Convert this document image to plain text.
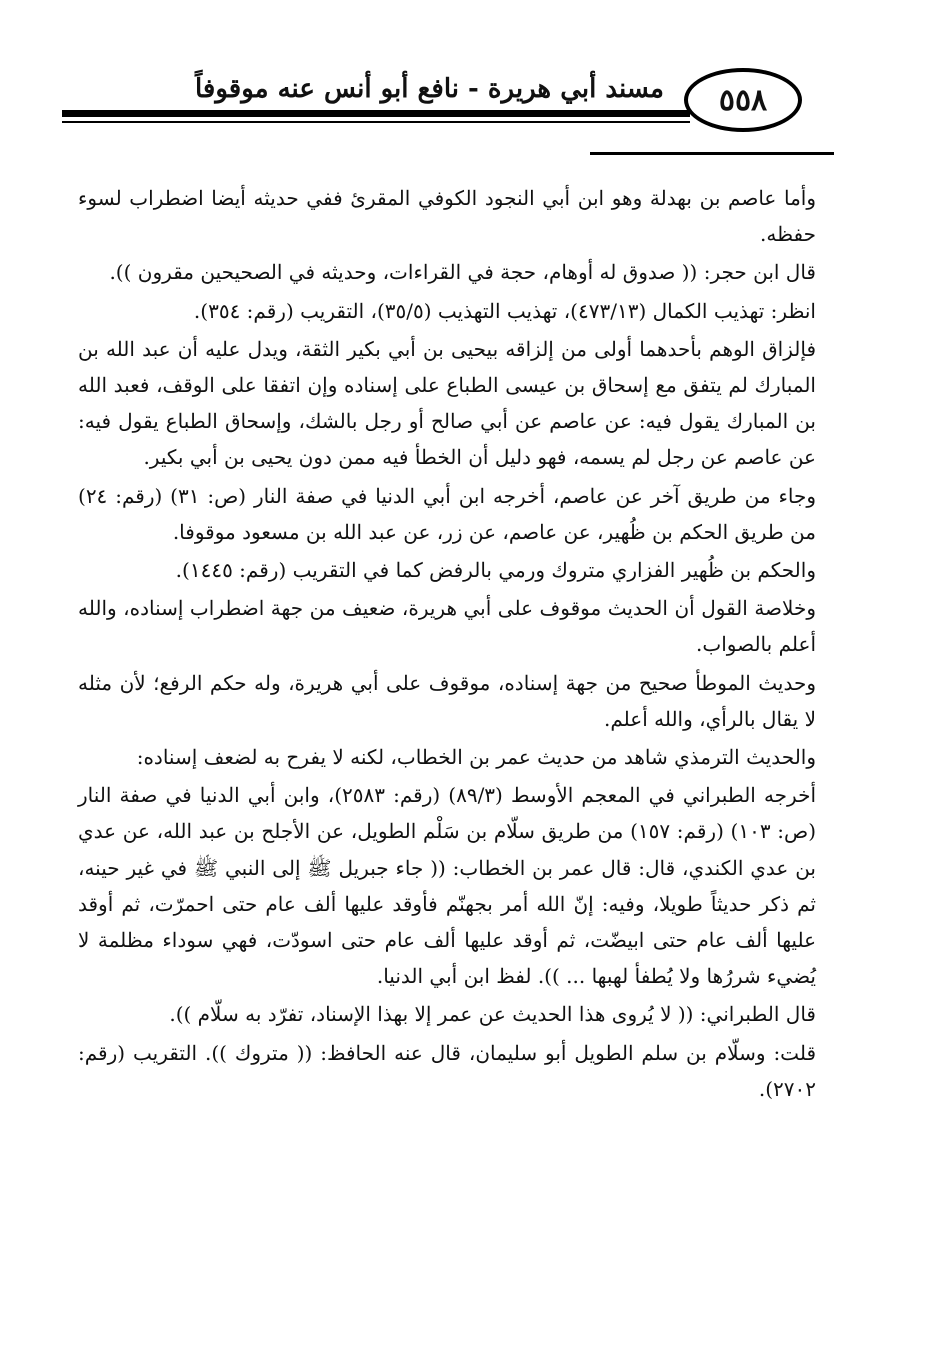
مسند أبي هريرة - نافع أبو أنس عنه موقوفاً	٥٥٨

وأما عاصم بن بهدلة وهو ابن أبي النجود الكوفي المقرئ ففي حديثه أيضا اضطراب لسوء حفظه.

قال ابن حجر: (( صدوق له أوهام، حجة في القراءات، وحديثه في الصحيحين مقرون )).

انظر: تهذيب الكمال (٤٧٣/١٣)، تهذيب التهذيب (٣٥/٥)، التقريب (رقم: ٣٥٤).

فإلزاق الوهم بأحدهما أولى من إلزاقه بيحيى بن أبي بكير الثقة، ويدل عليه أن عبد الله بن المبارك لم يتفق مع إسحاق بن عيسى الطباع على إسناده وإن اتفقا على الوقف، فعبد الله بن المبارك يقول فيه: عن عاصم عن أبي صالح أو رجل بالشك، وإسحاق الطباع يقول فيه: عن عاصم عن رجل لم يسمه، فهو دليل أن الخطأ فيه ممن دون يحيى بن أبي بكير.

وجاء من طريق آخر عن عاصم، أخرجه ابن أبي الدنيا في صفة النار (ص: ٣١) (رقم: ٢٤) من طريق الحكم بن ظُهير، عن عاصم، عن زر، عن عبد الله بن مسعود موقوفا.

والحكم بن ظُهير الفزاري متروك ورمي بالرفض كما في التقريب (رقم: ١٤٤٥).

وخلاصة القول أن الحديث موقوف على أبي هريرة، ضعيف من جهة اضطراب إسناده، والله أعلم بالصواب.

وحديث الموطأ صحيح من جهة إسناده، موقوف على أبي هريرة، وله حكم الرفع؛ لأن مثله لا يقال بالرأي، والله أعلم.

والحديث الترمذي شاهد من حديث عمر بن الخطاب، لكنه لا يفرح به لضعف إسناده:

أخرجه الطبراني في المعجم الأوسط (٨٩/٣) (رقم: ٢٥٨٣)، وابن أبي الدنيا في صفة النار (ص: ١٠٣) (رقم: ١٥٧) من طريق سلّام بن سَلْم الطويل، عن الأجلح بن عبد الله، عن عدي بن عدي الكندي، قال: قال عمر بن الخطاب: (( جاء جبريل ﷺ إلى النبي ﷺ في غير حينه، ثم ذكر حديثاً طويلا، وفيه: إنّ الله أمر بجهنّم فأوقد عليها ألف عام حتى احمرّت، ثم أوقد عليها ألف عام حتى ابيضّت، ثم أوقد عليها ألف عام حتى اسودّت، فهي سوداء مظلمة لا يُضيء شررُها ولا يُطفأ لهبها ... )). لفظ ابن أبي الدنيا.

قال الطبراني: (( لا يُروى هذا الحديث عن عمر إلا بهذا الإسناد، تفرّد به سلّام )).

قلت: وسلّام بن سلم الطويل أبو سليمان، قال عنه الحافظ: (( متروك )). التقريب (رقم: ٢٧٠٢).
